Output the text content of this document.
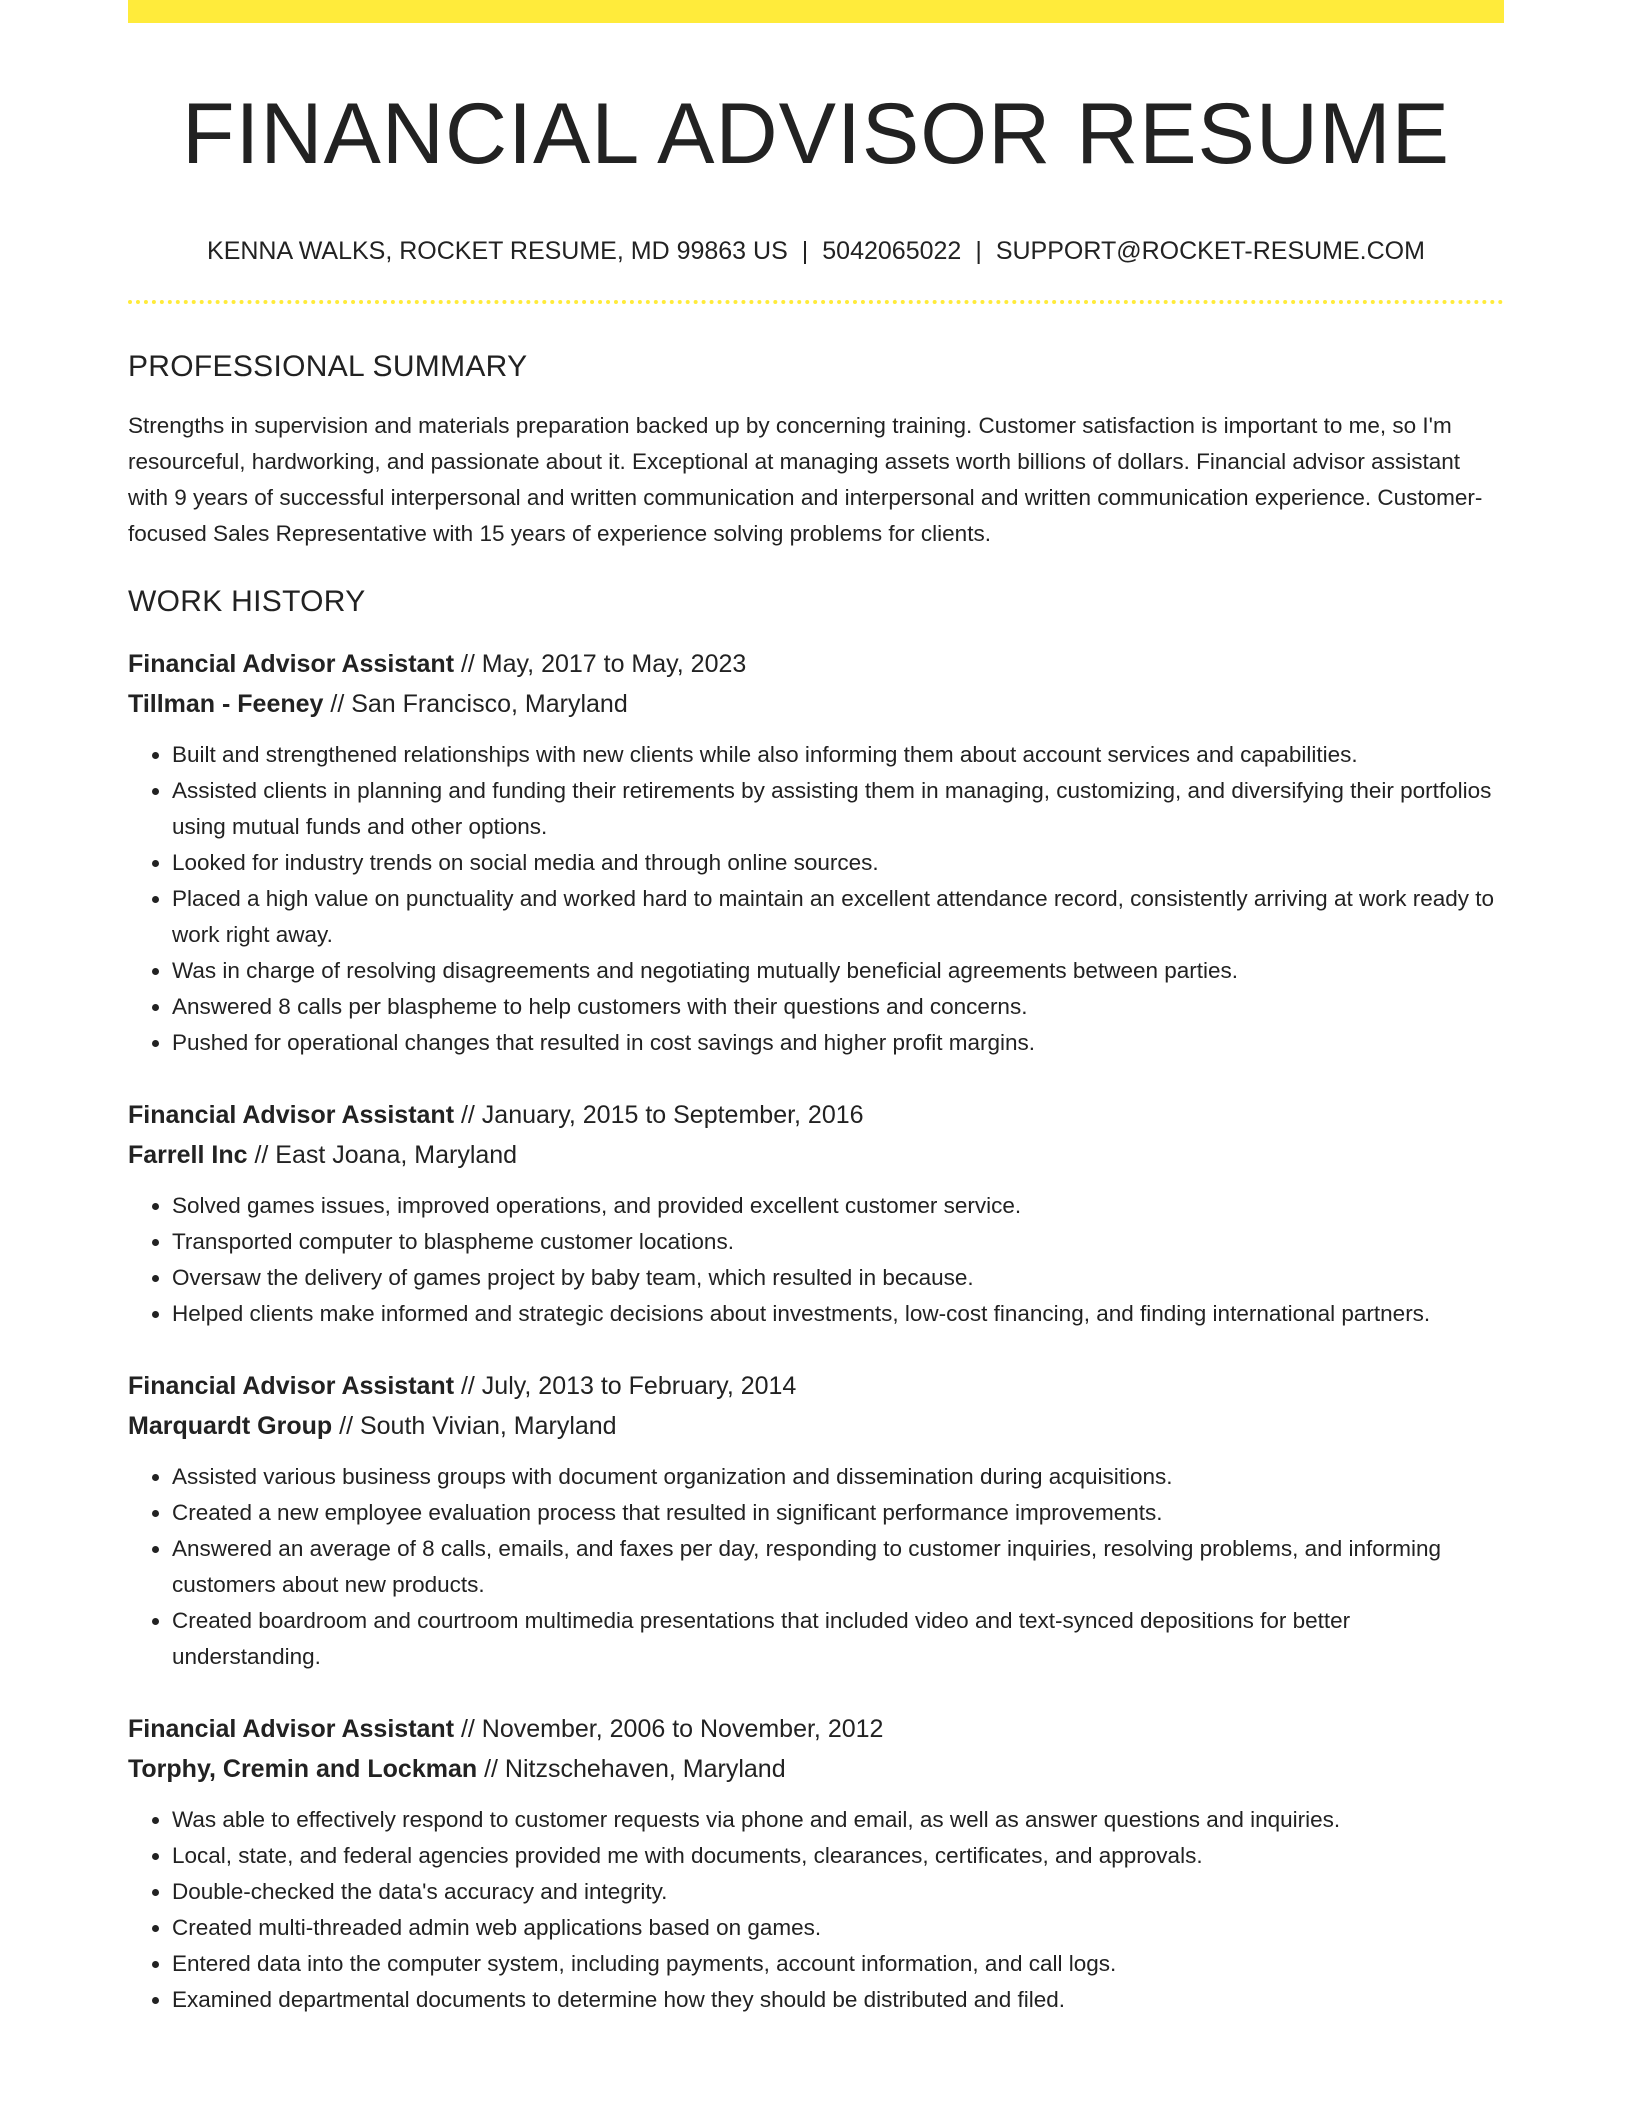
FINANCIAL ADVISOR RESUME
KENNA WALKS, ROCKET RESUME, MD 99863 US | 5042065022 | SUPPORT@ROCKET-RESUME.COM
PROFESSIONAL SUMMARY
Strengths in supervision and materials preparation backed up by concerning training. Customer satisfaction is important to me, so I'm resourceful, hardworking, and passionate about it. Exceptional at managing assets worth billions of dollars. Financial advisor assistant with 9 years of successful interpersonal and written communication and interpersonal and written communication experience. Customer-focused Sales Representative with 15 years of experience solving problems for clients.
WORK HISTORY
Financial Advisor Assistant // May, 2017 to May, 2023
Tillman - Feeney // San Francisco, Maryland
• Built and strengthened relationships with new clients while also informing them about account services and capabilities.
• Assisted clients in planning and funding their retirements by assisting them in managing, customizing, and diversifying their portfolios using mutual funds and other options.
• Looked for industry trends on social media and through online sources.
• Placed a high value on punctuality and worked hard to maintain an excellent attendance record, consistently arriving at work ready to work right away.
• Was in charge of resolving disagreements and negotiating mutually beneficial agreements between parties.
• Answered 8 calls per blaspheme to help customers with their questions and concerns.
• Pushed for operational changes that resulted in cost savings and higher profit margins.
Financial Advisor Assistant // January, 2015 to September, 2016
Farrell Inc // East Joana, Maryland
• Solved games issues, improved operations, and provided excellent customer service.
• Transported computer to blaspheme customer locations.
• Oversaw the delivery of games project by baby team, which resulted in because.
• Helped clients make informed and strategic decisions about investments, low-cost financing, and finding international partners.
Financial Advisor Assistant // July, 2013 to February, 2014
Marquardt Group // South Vivian, Maryland
• Assisted various business groups with document organization and dissemination during acquisitions.
• Created a new employee evaluation process that resulted in significant performance improvements.
• Answered an average of 8 calls, emails, and faxes per day, responding to customer inquiries, resolving problems, and informing customers about new products.
• Created boardroom and courtroom multimedia presentations that included video and text-synced depositions for better understanding.
Financial Advisor Assistant // November, 2006 to November, 2012
Torphy, Cremin and Lockman // Nitzschehaven, Maryland
• Was able to effectively respond to customer requests via phone and email, as well as answer questions and inquiries.
• Local, state, and federal agencies provided me with documents, clearances, certificates, and approvals.
• Double-checked the data's accuracy and integrity.
• Created multi-threaded admin web applications based on games.
• Entered data into the computer system, including payments, account information, and call logs.
• Examined departmental documents to determine how they should be distributed and filed.
